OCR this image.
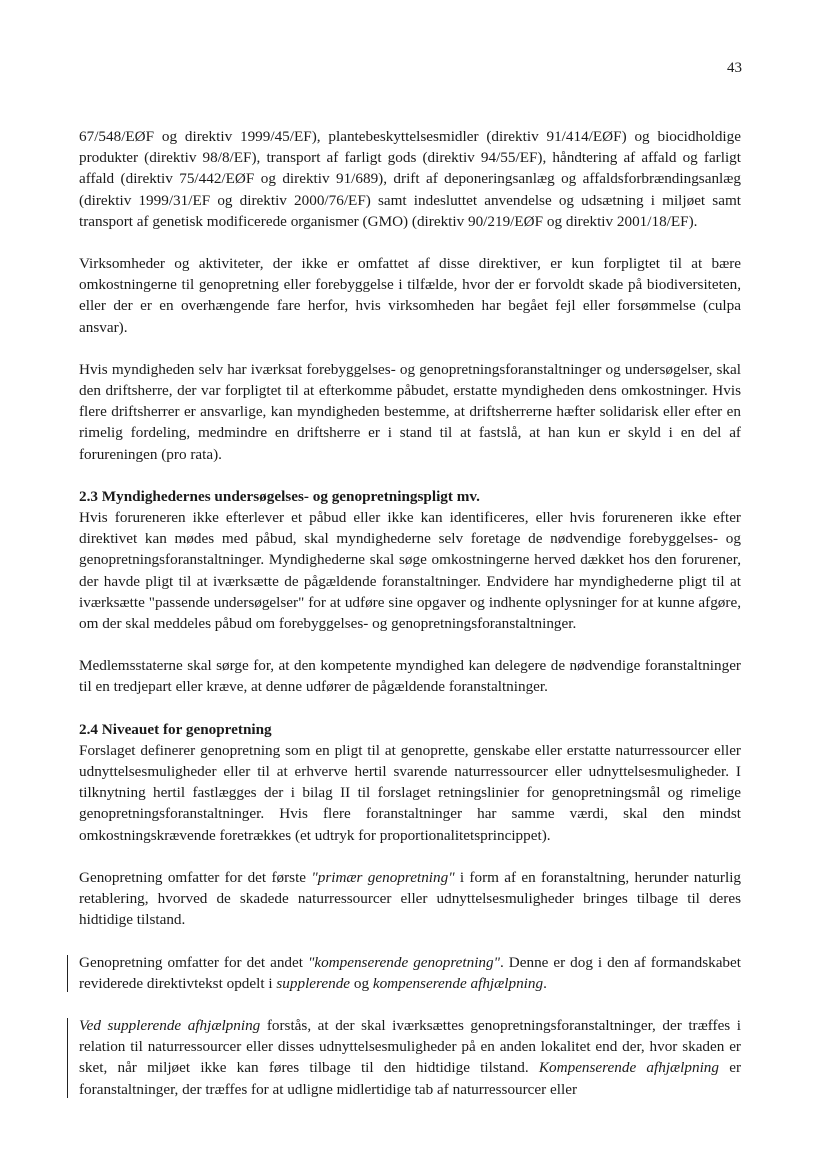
43

67/548/EØF og direktiv 1999/45/EF), plantebeskyttelsesmidler (direktiv 91/414/EØF) og biocidholdige produkter (direktiv 98/8/EF), transport af farligt gods (direktiv 94/55/EF), håndtering af affald og farligt affald (direktiv 75/442/EØF og direktiv 91/689), drift af deponeringsanlæg og affaldsforbrændingsanlæg (direktiv 1999/31/EF og direktiv 2000/76/EF) samt indesluttet anvendelse og udsætning i miljøet samt transport af genetisk modificerede organismer (GMO) (direktiv 90/219/EØF og direktiv 2001/18/EF).

Virksomheder og aktiviteter, der ikke er omfattet af disse direktiver, er kun forpligtet til at bære omkostningerne til genopretning eller forebyggelse i tilfælde, hvor der er forvoldt skade på biodiversiteten, eller der er en overhængende fare herfor, hvis virksomheden har begået fejl eller forsømmelse (culpa ansvar).

Hvis myndigheden selv har iværksat forebyggelses- og genopretningsforanstaltninger og undersøgelser, skal den driftsherre, der var forpligtet til at efterkomme påbudet, erstatte myndigheden dens omkostninger. Hvis flere driftsherrer er ansvarlige, kan myndigheden bestemme, at driftsherrerne hæfter solidarisk eller efter en rimelig fordeling, medmindre en driftsherre er i stand til at fastslå, at han kun er skyld i en del af forureningen (pro rata).

2.3 Myndighedernes undersøgelses- og genopretningspligt mv.

Hvis forureneren ikke efterlever et påbud eller ikke kan identificeres, eller hvis forureneren ikke efter direktivet kan mødes med påbud, skal myndighederne selv foretage de nødvendige forebyggelses- og genopretningsforanstaltninger. Myndighederne skal søge omkostningerne herved dækket hos den forurener, der havde pligt til at iværksætte de pågældende foranstaltninger. Endvidere har myndighederne pligt til at iværksætte "passende undersøgelser" for at udføre sine opgaver og indhente oplysninger for at kunne afgøre, om der skal meddeles påbud om forebyggelses- og genopretningsforanstaltninger.

Medlemsstaterne skal sørge for, at den kompetente myndighed kan delegere de nødvendige foranstaltninger til en tredjepart eller kræve, at denne udfører de pågældende foranstaltninger.

2.4 Niveauet for genopretning

Forslaget definerer genopretning som en pligt til at genoprette, genskabe eller erstatte naturressourcer eller udnyttelsesmuligheder eller til at erhverve hertil svarende naturressourcer eller udnyttelsesmuligheder. I tilknytning hertil fastlægges der i bilag II til forslaget retningslinier for genopretningsmål og rimelige genopretningsforanstaltninger. Hvis flere foranstaltninger har samme værdi, skal den mindst omkostningskrævende foretrækkes (et udtryk for proportionalitetsprincippet).

Genopretning omfatter for det første "primær genopretning" i form af en foranstaltning, herunder naturlig retablering, hvorved de skadede naturressourcer eller udnyttelsesmuligheder bringes tilbage til deres hidtidige tilstand.

Genopretning omfatter for det andet "kompenserende genopretning". Denne er dog i den af formandskabet reviderede direktivtekst opdelt i supplerende og kompenserende afhjælpning.

Ved supplerende afhjælpning forstås, at der skal iværksættes genopretningsforanstaltninger, der træffes i relation til naturressourcer eller disses udnyttelsesmuligheder på en anden lokalitet end der, hvor skaden er sket, når miljøet ikke kan føres tilbage til den hidtidige tilstand. Kompenserende afhjælpning er foranstaltninger, der træffes for at udligne midlertidige tab af naturressourcer eller
